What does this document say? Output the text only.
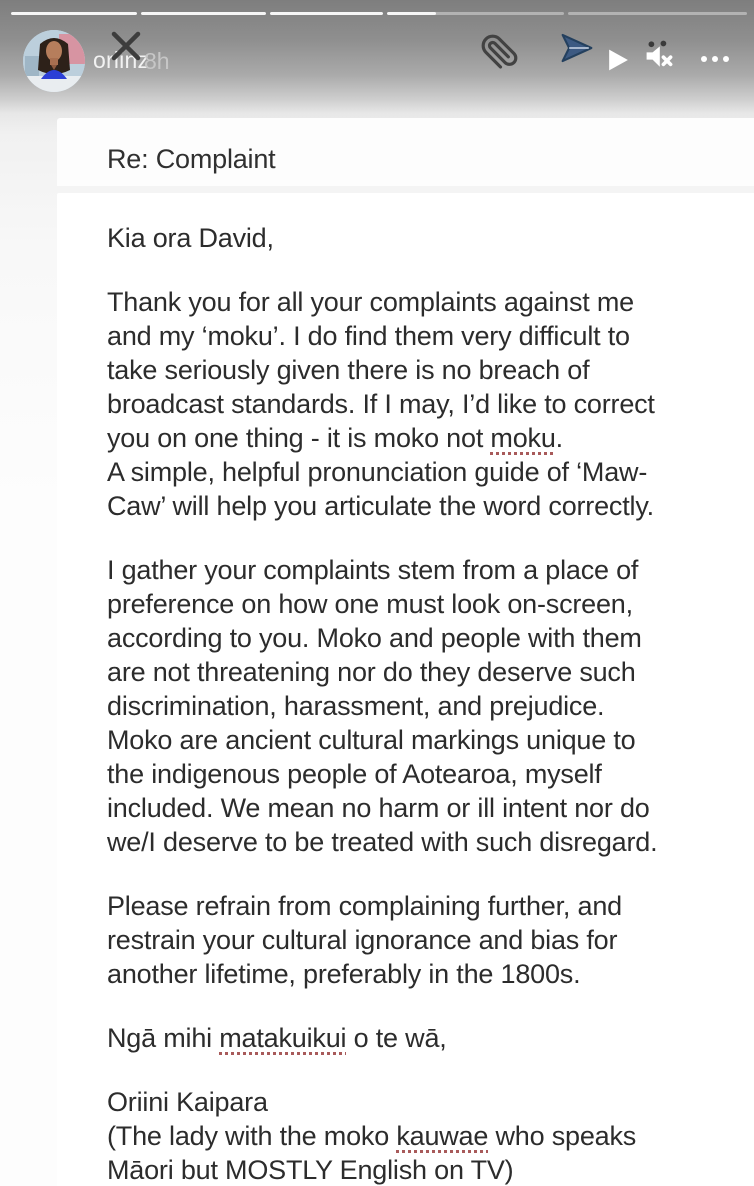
oriinz
8h
Re: Complaint
Kia ora David,
Thank you for all your complaints against me
and my ‘moku’. I do find them very difficult to
take seriously given there is no breach of
broadcast standards. If I may, I’d like to correct
you on one thing - it is moko not moku.
A simple, helpful pronunciation guide of ‘Maw-
Caw’ will help you articulate the word correctly.
I gather your complaints stem from a place of
preference on how one must look on-screen,
according to you. Moko and people with them
are not threatening nor do they deserve such
discrimination, harassment, and prejudice.
Moko are ancient cultural markings unique to
the indigenous people of Aotearoa, myself
included. We mean no harm or ill intent nor do
we/I deserve to be treated with such disregard.
Please refrain from complaining further, and
restrain your cultural ignorance and bias for
another lifetime, preferably in the 1800s.
Ngā mihi matakuikui o te wā,
Oriini Kaipara
(The lady with the moko kauwae who speaks
Māori but MOSTLY English on TV)
